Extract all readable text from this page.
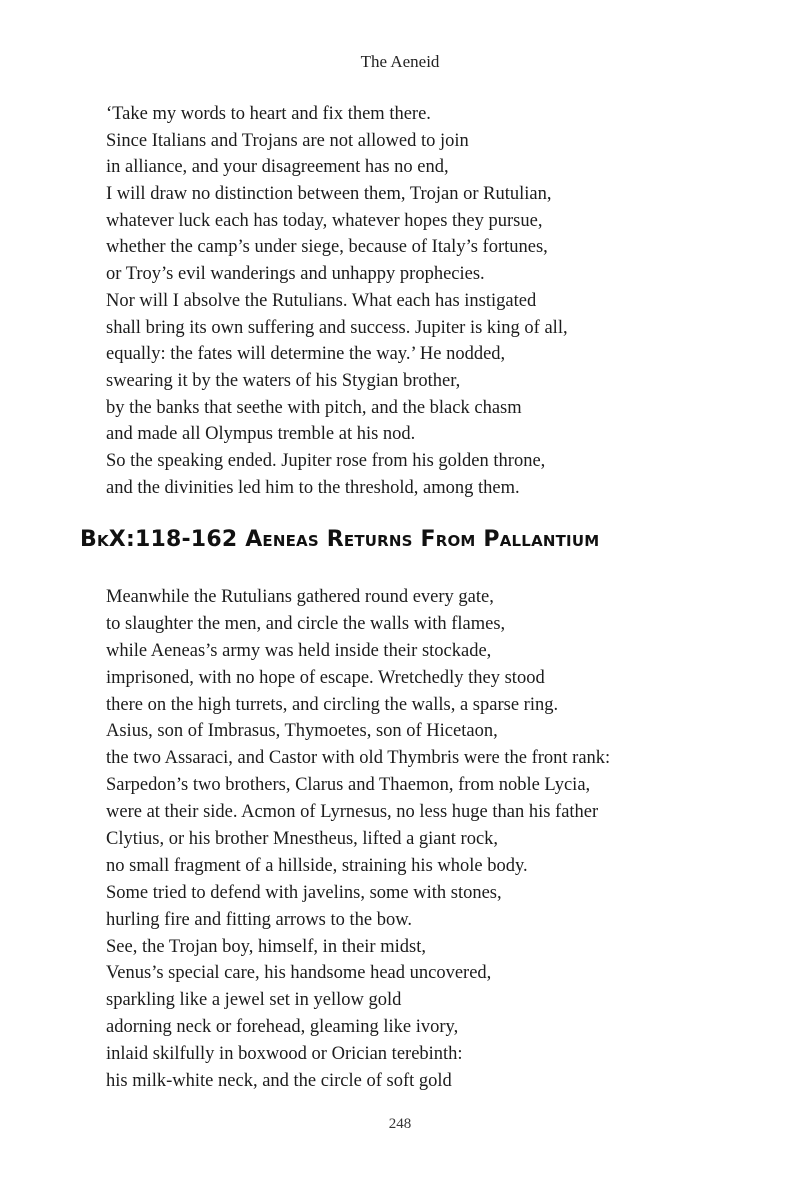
The Aeneid
‘Take my words to heart and fix them there.
Since Italians and Trojans are not allowed to join
in alliance, and your disagreement has no end,
I will draw no distinction between them, Trojan or Rutulian,
whatever luck each has today, whatever hopes they pursue,
whether the camp’s under siege, because of Italy’s fortunes,
or Troy’s evil wanderings and unhappy prophecies.
Nor will I absolve the Rutulians. What each has instigated
shall bring its own suffering and success. Jupiter is king of all,
equally: the fates will determine the way.’ He nodded,
swearing it by the waters of his Stygian brother,
by the banks that seethe with pitch, and the black chasm
and made all Olympus tremble at his nod.
So the speaking ended. Jupiter rose from his golden throne,
and the divinities led him to the threshold, among them.
BkX:118-162 Aeneas Returns From Pallantium
Meanwhile the Rutulians gathered round every gate,
to slaughter the men, and circle the walls with flames,
while Aeneas’s army was held inside their stockade,
imprisoned, with no hope of escape. Wretchedly they stood
there on the high turrets, and circling the walls, a sparse ring.
Asius, son of Imbrasus, Thymoetes, son of Hicetaon,
the two Assaraci, and Castor with old Thymbris were the front rank:
Sarpedon’s two brothers, Clarus and Thaemon, from noble Lycia,
were at their side. Acmon of Lyrnesus, no less huge than his father
Clytius, or his brother Mnestheus, lifted a giant rock,
no small fragment of a hillside, straining his whole body.
Some tried to defend with javelins, some with stones,
hurling fire and fitting arrows to the bow.
See, the Trojan boy, himself, in their midst,
Venus’s special care, his handsome head uncovered,
sparkling like a jewel set in yellow gold
adorning neck or forehead, gleaming like ivory,
inlaid skilfully in boxwood or Orician terebinth:
his milk-white neck, and the circle of soft gold
248
